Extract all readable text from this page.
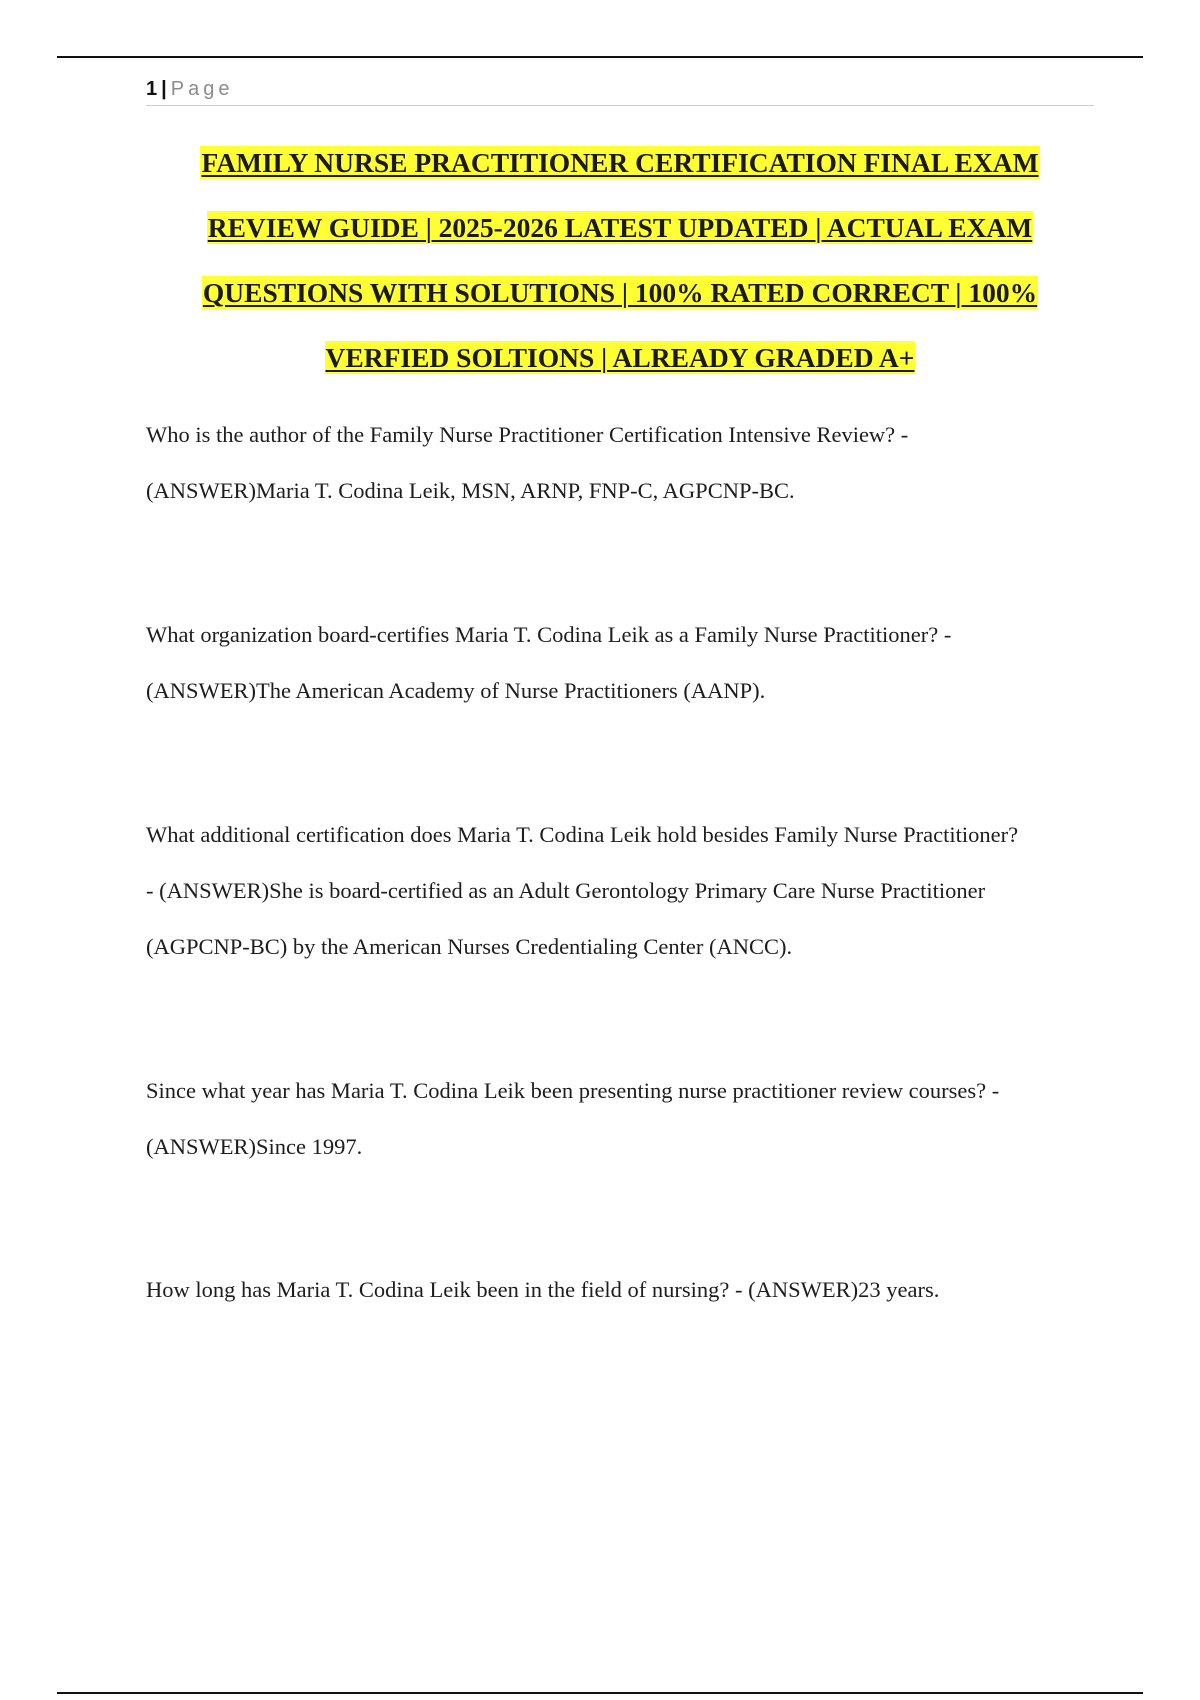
1 | Page
FAMILY NURSE PRACTITIONER CERTIFICATION FINAL EXAM
REVIEW GUIDE | 2025-2026 LATEST UPDATED | ACTUAL EXAM
QUESTIONS WITH SOLUTIONS | 100% RATED CORRECT | 100%
VERFIED SOLTIONS | ALREADY GRADED A+

Who is the author of the Family Nurse Practitioner Certification Intensive Review? -

(ANSWER)Maria T. Codina Leik, MSN, ARNP, FNP-C, AGPCNP-BC.

What organization board-certifies Maria T. Codina Leik as a Family Nurse Practitioner? -

(ANSWER)The American Academy of Nurse Practitioners (AANP).

What additional certification does Maria T. Codina Leik hold besides Family Nurse Practitioner?

- (ANSWER)She is board-certified as an Adult Gerontology Primary Care Nurse Practitioner

(AGPCNP-BC) by the American Nurses Credentialing Center (ANCC).

Since what year has Maria T. Codina Leik been presenting nurse practitioner review courses? -

(ANSWER)Since 1997.

How long has Maria T. Codina Leik been in the field of nursing? - (ANSWER)23 years.
